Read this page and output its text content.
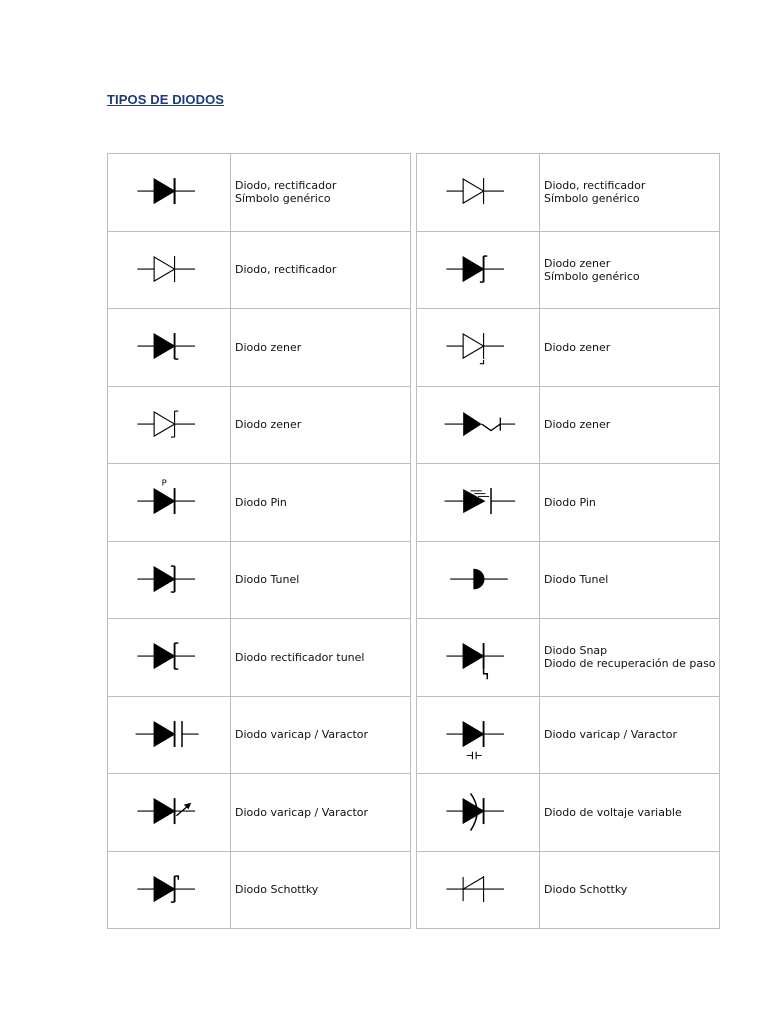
TIPOS DE DIODOS

Diodo, rectificador
Símbolo genérico

Diodo, rectificador

Diodo zener

Diodo zener

P	Diodo Pin

Diodo Tunel

Diodo rectificador tunel

Diodo varicap / Varactor

Diodo varicap / Varactor

Diodo Schottky

Diodo, rectificador
Símbolo genérico

Diodo zener
Símbolo genérico

Diodo zener

Diodo zener

Diodo Pin

Diodo Tunel

Diodo Snap
Diodo de recuperación de paso

Diodo varicap / Varactor

Diodo de voltaje variable

Diodo Schottky
